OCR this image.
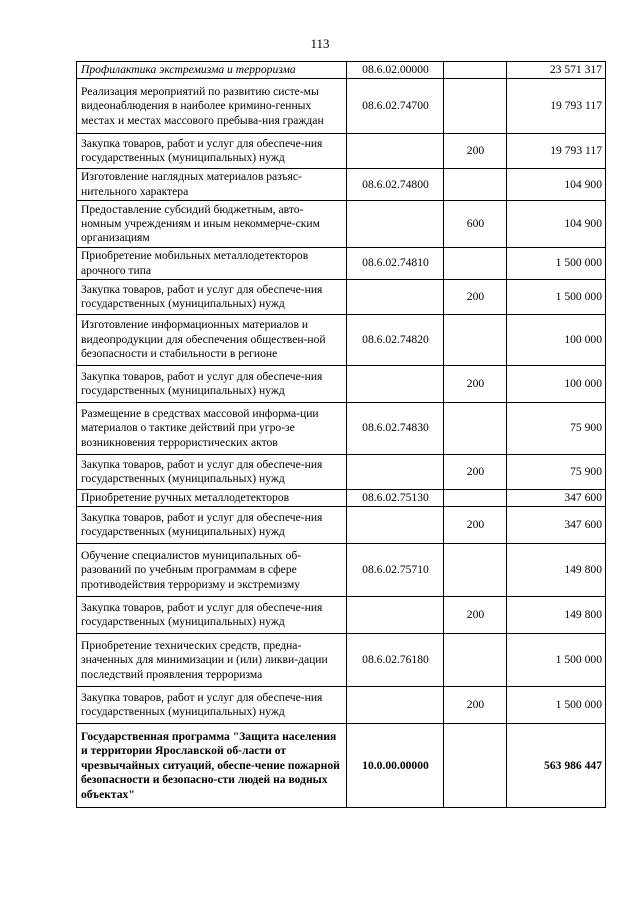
113
Профилактика экстремизма и терроризма	08.6.02.00000		23 571 317
Реализация мероприятий по развитию систе-мы видеонаблюдения в наиболее кримино-генных местах и местах массового пребыва-ния граждан	08.6.02.74700		19 793 117
Закупка товаров, работ и услуг для обеспече-ния государственных (муниципальных) нужд		200	19 793 117
Изготовление наглядных материалов разъяс-нительного характера	08.6.02.74800		104 900
Предоставление субсидий бюджетным, авто-номным учреждениям и иным некоммерче-ским организациям		600	104 900
Приобретение мобильных металлодетекторов арочного типа	08.6.02.74810		1 500 000
Закупка товаров, работ и услуг для обеспече-ния государственных (муниципальных) нужд		200	1 500 000
Изготовление информационных материалов и видеопродукции для обеспечения обществен-ной безопасности и стабильности в регионе	08.6.02.74820		100 000
Закупка товаров, работ и услуг для обеспече-ния государственных (муниципальных) нужд		200	100 000
Размещение в средствах массовой информа-ции материалов о тактике действий при угро-зе возникновения террористических актов	08.6.02.74830		75 900
Закупка товаров, работ и услуг для обеспече-ния государственных (муниципальных) нужд		200	75 900
Приобретение ручных металлодетекторов	08.6.02.75130		347 600
Закупка товаров, работ и услуг для обеспече-ния государственных (муниципальных) нужд		200	347 600
Обучение специалистов муниципальных об-разований по учебным программам в сфере противодействия терроризму и экстремизму	08.6.02.75710		149 800
Закупка товаров, работ и услуг для обеспече-ния государственных (муниципальных) нужд		200	149 800
Приобретение технических средств, предна-значенных для минимизации и (или) ликви-дации последствий проявления терроризма	08.6.02.76180		1 500 000
Закупка товаров, работ и услуг для обеспече-ния государственных (муниципальных) нужд		200	1 500 000
Государственная программа "Защита населения и территории Ярославской об-ласти от чрезвычайных ситуаций, обеспе-чение пожарной безопасности и безопасно-сти людей на водных объектах"	10.0.00.00000		563 986 447
